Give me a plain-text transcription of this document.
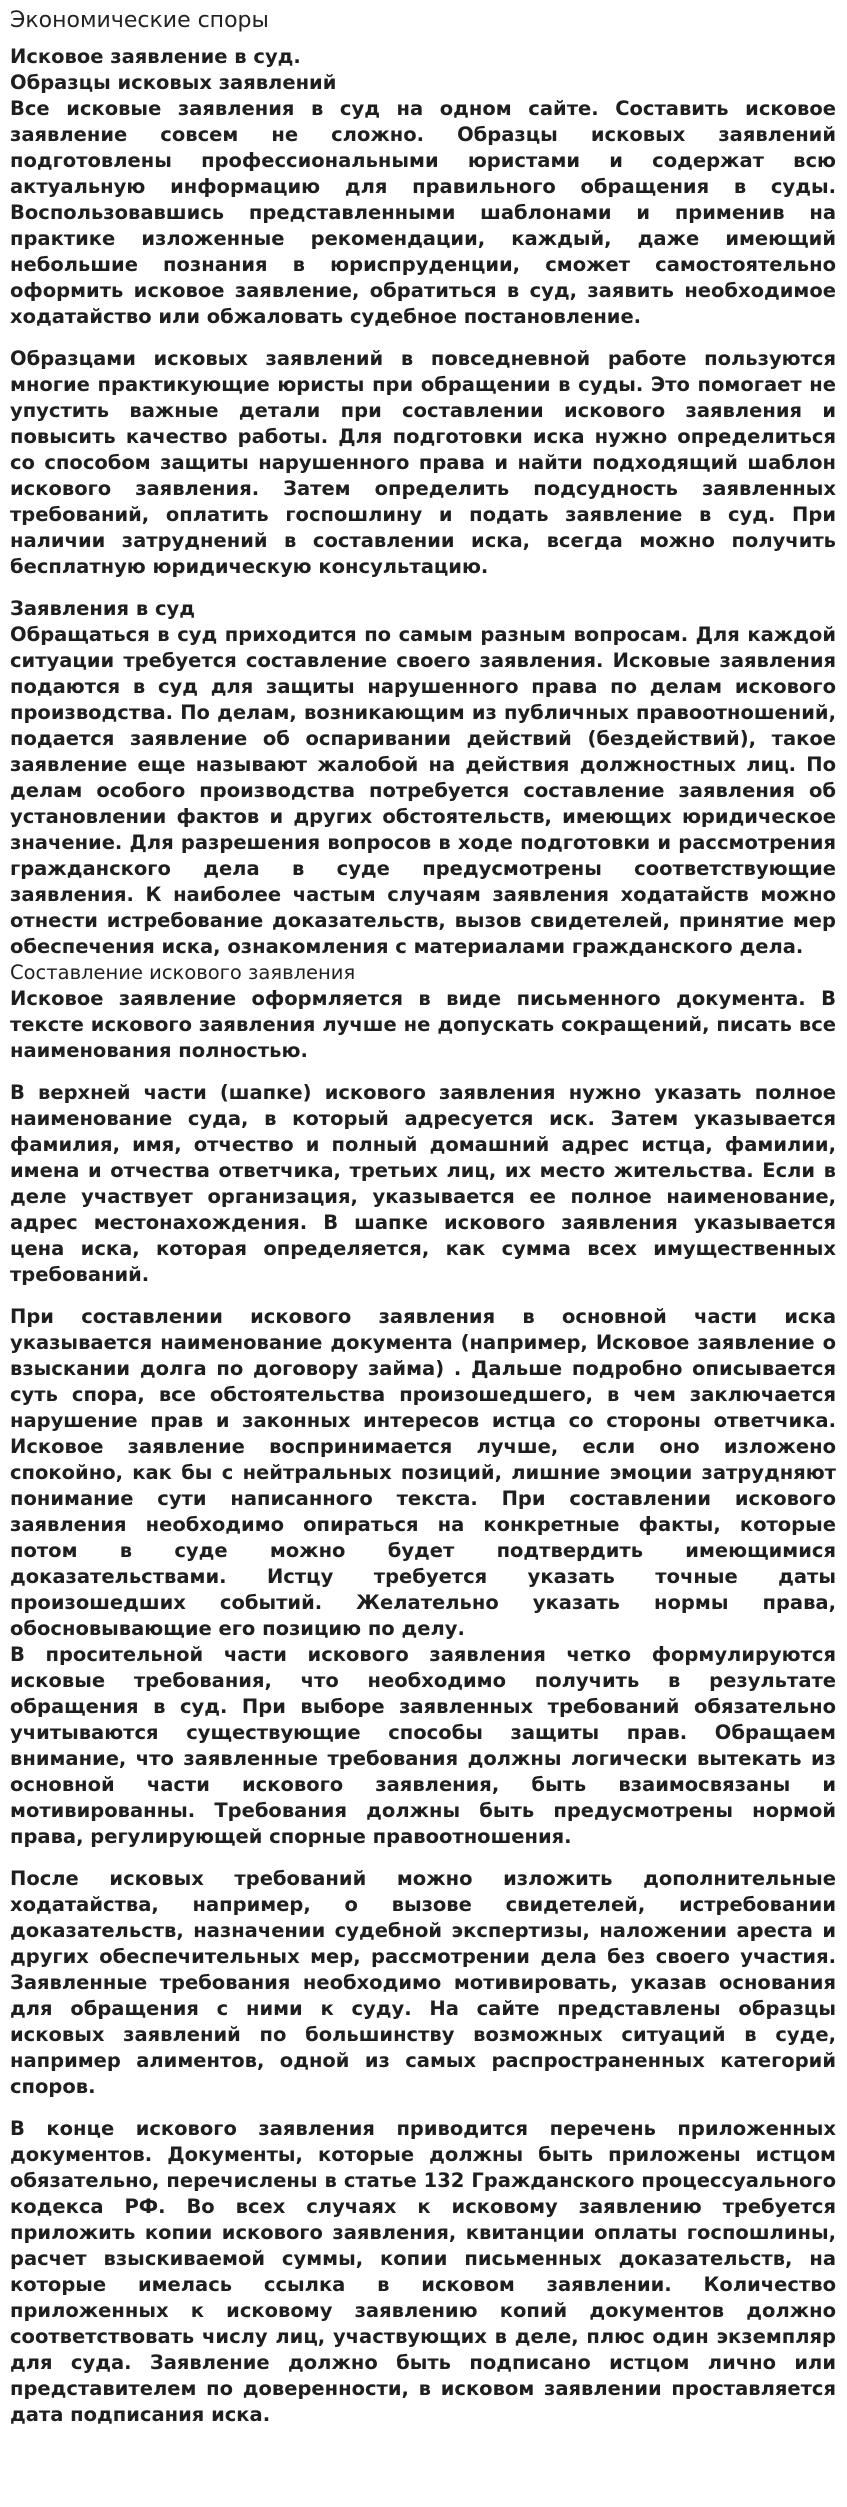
Экономические споры
Исковое заявление в суд.
Образцы исковых заявлений
Все исковые заявления в суд на одном сайте. Составить исковое заявление совсем не сложно. Образцы исковых заявлений подготовлены профессиональными юристами и содержат всю актуальную информацию для правильного обращения в суды. Воспользовавшись представленными шаблонами и применив на практике изложенные рекомендации, каждый, даже имеющий небольшие познания в юриспруденции, сможет самостоятельно оформить исковое заявление, обратиться в суд, заявить необходимое ходатайство или обжаловать судебное постановление.

Образцами исковых заявлений в повседневной работе пользуются многие практикующие юристы при обращении в суды. Это помогает не упустить важные детали при составлении искового заявления и повысить качество работы. Для подготовки иска нужно определиться со способом защиты нарушенного права и найти подходящий шаблон искового заявления. Затем определить подсудность заявленных требований, оплатить госпошлину и подать заявление в суд. При наличии затруднений в составлении иска, всегда можно получить бесплатную юридическую консультацию.

Заявления в суд
Обращаться в суд приходится по самым разным вопросам. Для каждой ситуации требуется составление своего заявления. Исковые заявления подаются в суд для защиты нарушенного права по делам искового производства. По делам, возникающим из публичных правоотношений, подается заявление об оспаривании действий (бездействий), такое заявление еще называют жалобой на действия должностных лиц. По делам особого производства потребуется составление заявления об установлении фактов и других обстоятельств, имеющих юридическое значение. Для разрешения вопросов в ходе подготовки и рассмотрения гражданского дела в суде предусмотрены соответствующие заявления. К наиболее частым случаям заявления ходатайств можно отнести истребование доказательств, вызов свидетелей, принятие мер обеспечения иска, ознакомления с материалами гражданского дела.
Составление искового заявления
Исковое заявление оформляется в виде письменного документа. В тексте искового заявления лучше не допускать сокращений, писать все наименования полностью.

В верхней части (шапке) искового заявления нужно указать полное наименование суда, в который адресуется иск. Затем указывается фамилия, имя, отчество и полный домашний адрес истца, фамилии, имена и отчества ответчика, третьих лиц, их место жительства. Если в деле участвует организация, указывается ее полное наименование, адрес местонахождения. В шапке искового заявления указывается цена иска, которая определяется, как сумма всех имущественных требований.

При составлении искового заявления в основной части иска указывается наименование документа (например, Исковое заявление о взыскании долга по договору займа) . Дальше подробно описывается суть спора, все обстоятельства произошедшего, в чем заключается нарушение прав и законных интересов истца со стороны ответчика. Исковое заявление воспринимается лучше, если оно изложено спокойно, как бы с нейтральных позиций, лишние эмоции затрудняют понимание сути написанного текста. При составлении искового заявления необходимо опираться на конкретные факты, которые потом в суде можно будет подтвердить имеющимися доказательствами. Истцу требуется указать точные даты произошедших событий. Желательно указать нормы права, обосновывающие его позицию по делу.

В просительной части искового заявления четко формулируются исковые требования, что необходимо получить в результате обращения в суд. При выборе заявленных требований обязательно учитываются существующие способы защиты прав. Обращаем внимание, что заявленные требования должны логически вытекать из основной части искового заявления, быть взаимосвязаны и мотивированны. Требования должны быть предусмотрены нормой права, регулирующей спорные правоотношения.

После исковых требований можно изложить дополнительные ходатайства, например, о вызове свидетелей, истребовании доказательств, назначении судебной экспертизы, наложении ареста и других обеспечительных мер, рассмотрении дела без своего участия. Заявленные требования необходимо мотивировать, указав основания для обращения с ними к суду. На сайте представлены образцы исковых заявлений по большинству возможных ситуаций в суде, например алиментов, одной из самых распространенных категорий споров.

В конце искового заявления приводится перечень приложенных документов. Документы, которые должны быть приложены истцом обязательно, перечислены в статье 132 Гражданского процессуального кодекса РФ. Во всех случаях к исковому заявлению требуется приложить копии искового заявления, квитанции оплаты госпошлины, расчет взыскиваемой суммы, копии письменных доказательств, на которые имелась ссылка в исковом заявлении. Количество приложенных к исковому заявлению копий документов должно соответствовать числу лиц, участвующих в деле, плюс один экземпляр для суда. Заявление должно быть подписано истцом лично или представителем по доверенности, в исковом заявлении проставляется дата подписания иска.
